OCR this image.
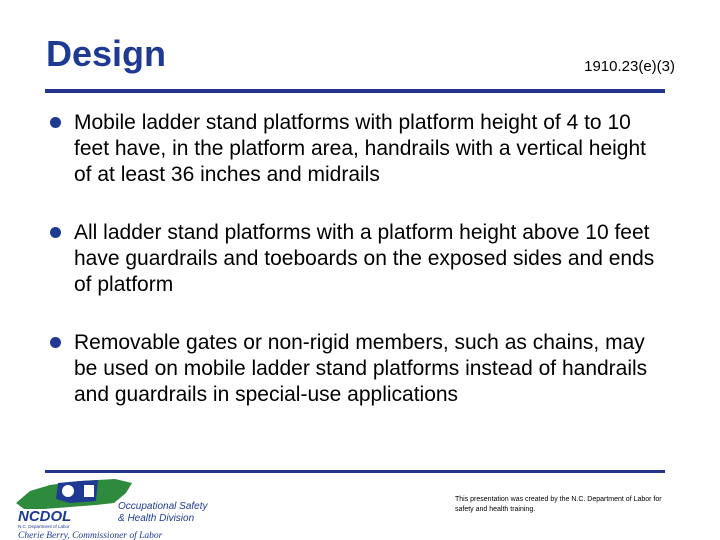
Design	1910.23(e)(3)
Mobile ladder stand platforms with platform height of 4 to 10 feet have, in the platform area, handrails with a vertical height of at least 36 inches and midrails
All ladder stand platforms with a platform height above 10 feet have guardrails and toeboards on the exposed sides and ends of platform
Removable gates or non-rigid members, such as chains, may be used on mobile ladder stand platforms instead of handrails and guardrails in special-use applications
NCDOL
N.C. Department of Labor
Occupational Safety
& Health Division
Cherie Berry, Commissioner of Labor
This presentation was created by the N.C. Department of Labor for safety and health training.
